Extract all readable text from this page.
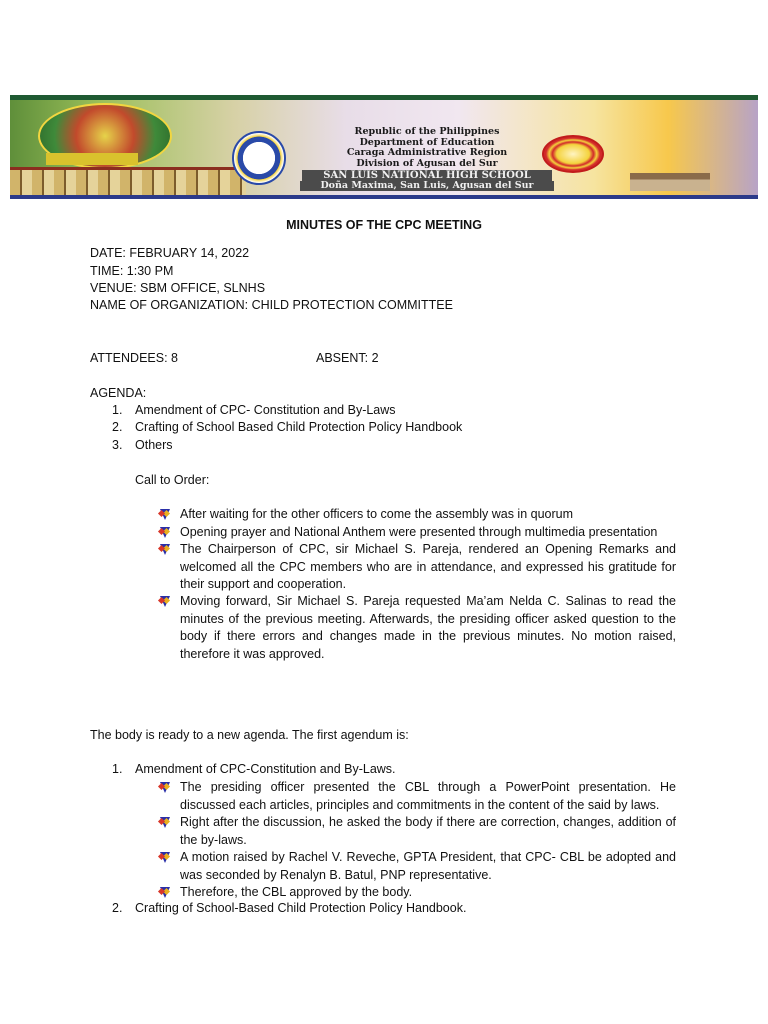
Republic of the Philippines
Department of Education
Caraga Administrative Region
Division of Agusan del Sur
SAN LUIS NATIONAL HIGH SCHOOL
Doña Maxima, San Luis, Agusan del Sur
MINUTES OF THE CPC MEETING
DATE: FEBRUARY 14, 2022
TIME: 1:30 PM
VENUE: SBM OFFICE, SLNHS
NAME OF ORGANIZATION: CHILD PROTECTION COMMITTEE
ATTENDEES: 8	ABSENT: 2
AGENDA:
1. Amendment of CPC- Constitution and By-Laws
2. Crafting of School Based Child Protection Policy Handbook
3. Others
Call to Order:
After waiting for the other officers to come the assembly was in quorum
Opening prayer and National Anthem were presented through multimedia presentation
The Chairperson of CPC, sir Michael S. Pareja, rendered an Opening Remarks and welcomed all the CPC members who are in attendance, and expressed his gratitude for their support and cooperation.
Moving forward, Sir Michael S. Pareja requested Ma’am Nelda C. Salinas to read the minutes of the previous meeting. Afterwards, the presiding officer asked question to the body if there errors and changes made in the previous minutes. No motion raised, therefore it was approved.
The body is ready to a new agenda. The first agendum is:
1. Amendment of CPC-Constitution and By-Laws.
The presiding officer presented the CBL through a PowerPoint presentation. He discussed each articles, principles and commitments in the content of the said by laws.
Right after the discussion, he asked the body if there are correction, changes, addition of the by-laws.
A motion raised by Rachel V. Reveche, GPTA President, that CPC- CBL be adopted and was seconded by Renalyn B. Batul, PNP representative.
Therefore, the CBL approved by the body.
2. Crafting of School-Based Child Protection Policy Handbook.
